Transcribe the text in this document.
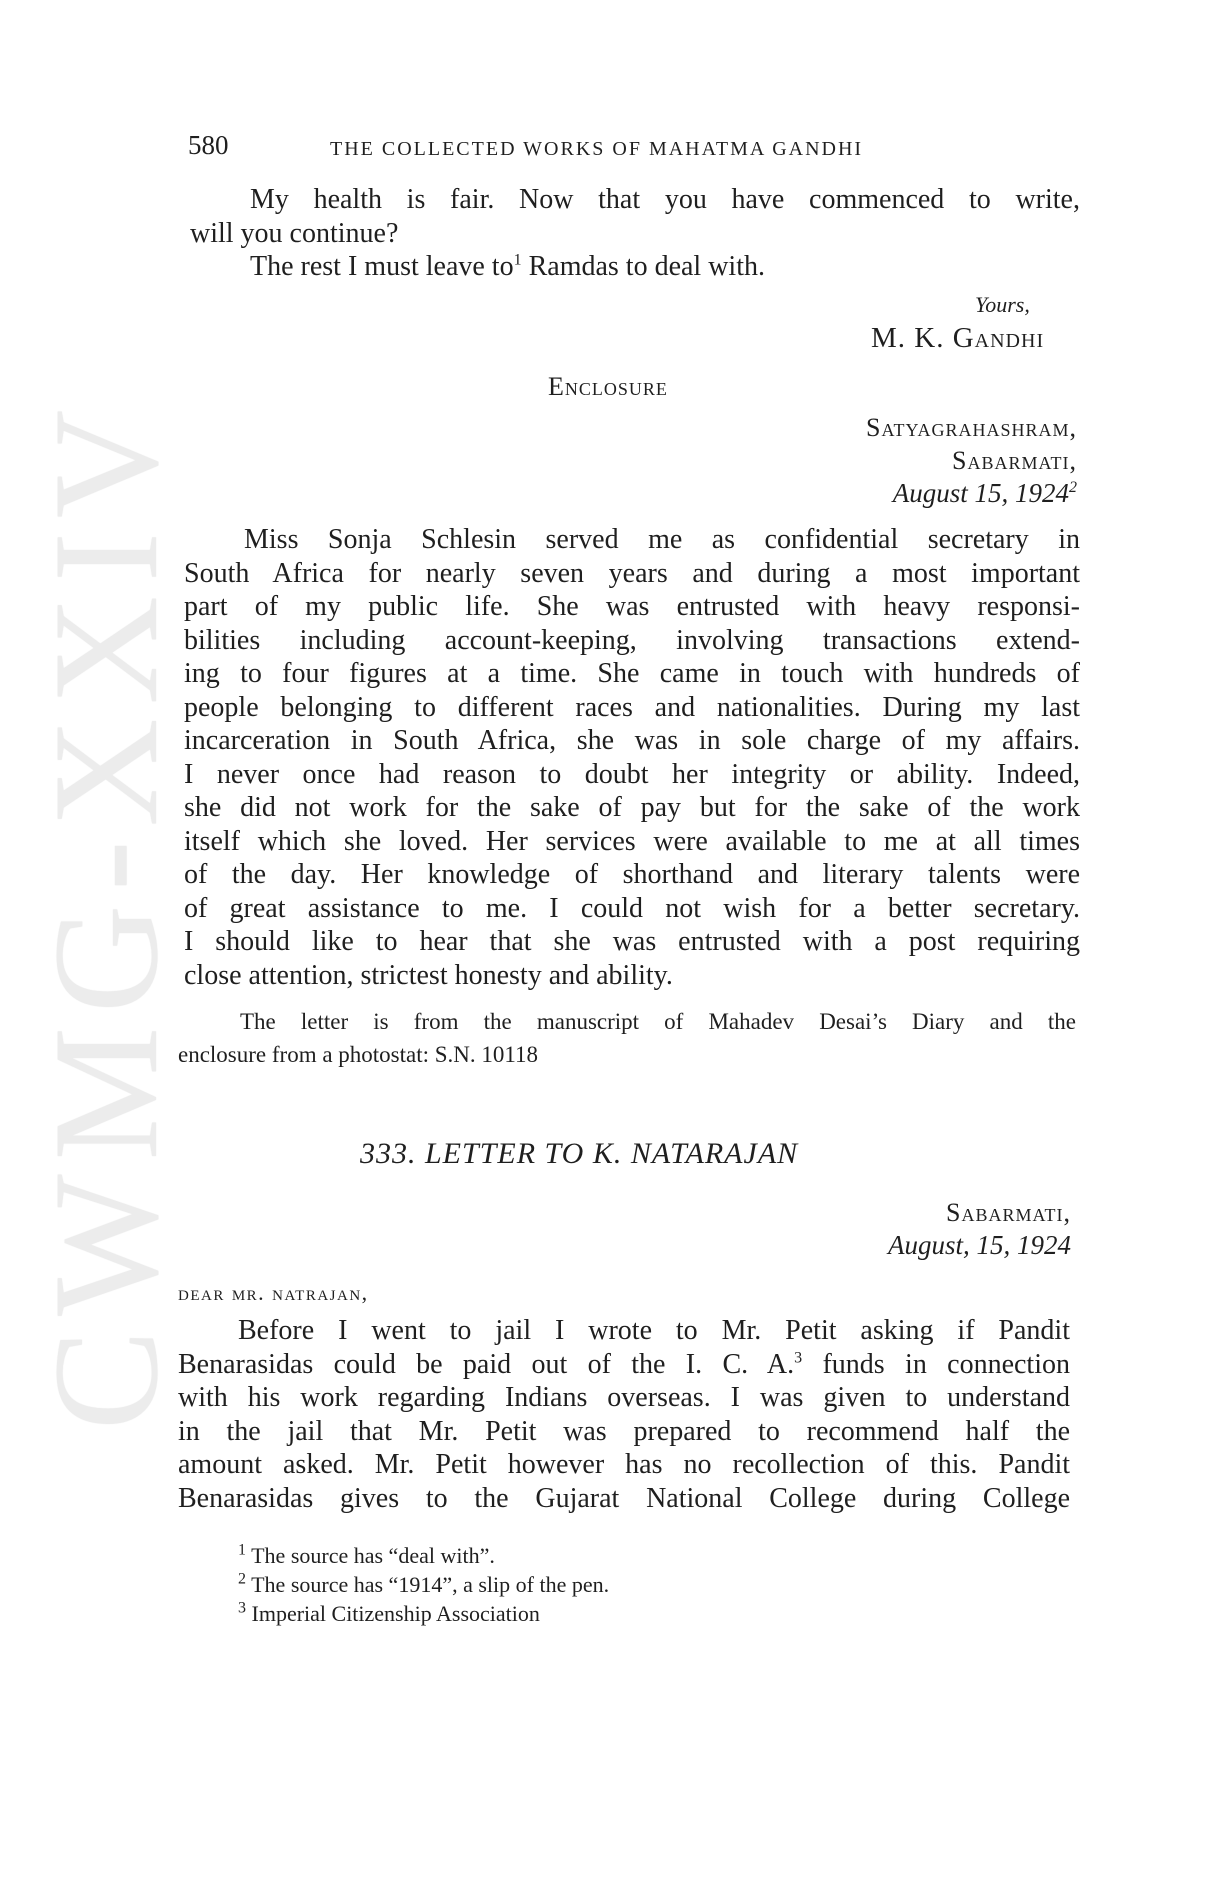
CWMG-XXIV
580	THE COLLECTED WORKS OF MAHATMA GANDHI
My health is fair. Now that you have commenced to write,
will you continue?
The rest I must leave $to^1$ Ramdas to deal with.
Yours,
M. K. Gandhi
Enclosure
Satyagrahashram,
Sabarmati,
August 15, 1924$^2$
Miss Sonja Schlesin served me as confidential secretary in
South Africa for nearly seven years and during a most important
part of my public life. She was entrusted with heavy responsi-
bilities including account-keeping, involving transactions extend-
ing to four figures at a time. She came in touch with hundreds of
people belonging to different races and nationalities. During my last
incarceration in South Africa, she was in sole charge of my affairs.
I never once had reason to doubt her integrity or ability. Indeed,
she did not work for the sake of pay but for the sake of the work
itself which she loved. Her services were available to me at all times
of the day. Her knowledge of shorthand and literary talents were
of great assistance to me. I could not wish for a better secretary.
I should like to hear that she was entrusted with a post requiring
close attention, strictest honesty and ability.
The letter is from the manuscript of Mahadev Desai’s Diary and the
enclosure from a photostat: S.N. 10118
333. LETTER TO K. NATARAJAN
Sabarmati,
August, 15, 1924
dear mr. natrajan,
Before I went to jail I wrote to Mr. Petit asking if Pandit
Benarasidas could be paid out of the I. C. A.$^3$ funds in connection
with his work regarding Indians overseas. I was given to understand
in the jail that Mr. Petit was prepared to recommend half the
amount asked. Mr. Petit however has no recollection of this. Pandit
Benarasidas gives to the Gujarat National College during College
$^1$ The source has “deal with”.
$^2$ The source has “1914”, a slip of the pen.
$^3$ Imperial Citizenship Association
